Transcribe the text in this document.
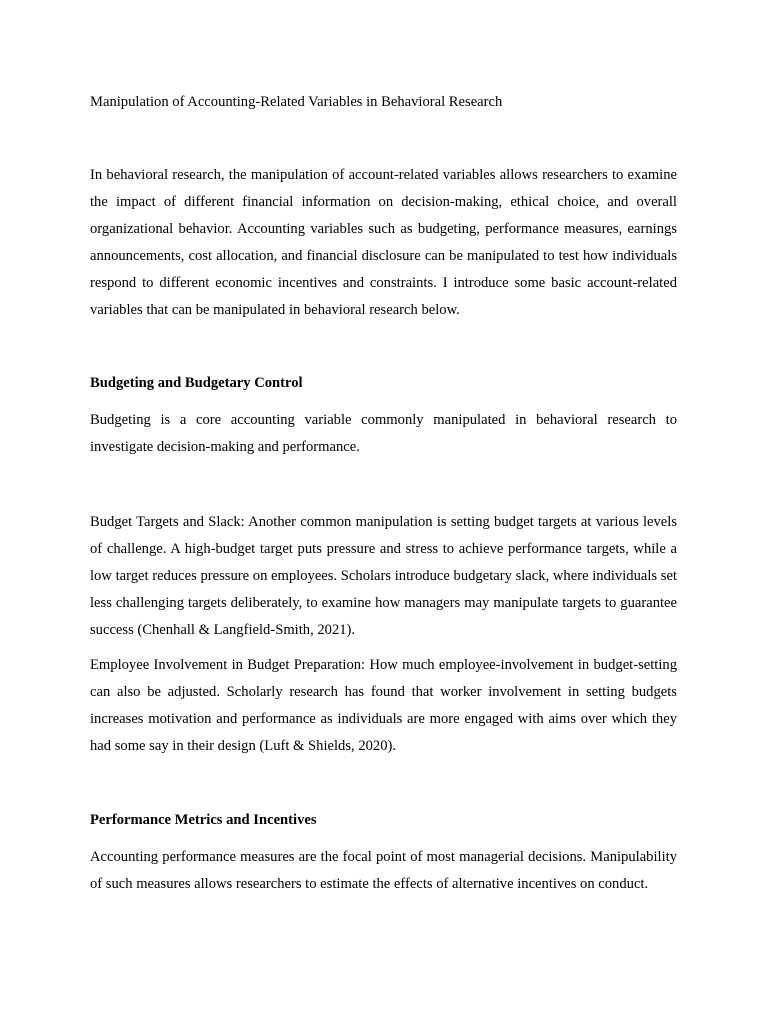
Manipulation of Accounting-Related Variables in Behavioral Research

In behavioral research, the manipulation of account-related variables allows researchers to examine the impact of different financial information on decision-making, ethical choice, and overall organizational behavior. Accounting variables such as budgeting, performance measures, earnings announcements, cost allocation, and financial disclosure can be manipulated to test how individuals respond to different economic incentives and constraints. I introduce some basic account-related variables that can be manipulated in behavioral research below.

Budgeting and Budgetary Control

Budgeting is a core accounting variable commonly manipulated in behavioral research to investigate decision-making and performance.

Budget Targets and Slack: Another common manipulation is setting budget targets at various levels of challenge. A high-budget target puts pressure and stress to achieve performance targets, while a low target reduces pressure on employees. Scholars introduce budgetary slack, where individuals set less challenging targets deliberately, to examine how managers may manipulate targets to guarantee success (Chenhall & Langfield-Smith, 2021).

Employee Involvement in Budget Preparation: How much employee-involvement in budget-setting can also be adjusted. Scholarly research has found that worker involvement in setting budgets increases motivation and performance as individuals are more engaged with aims over which they had some say in their design (Luft & Shields, 2020).

Performance Metrics and Incentives

Accounting performance measures are the focal point of most managerial decisions. Manipulability of such measures allows researchers to estimate the effects of alternative incentives on conduct.
